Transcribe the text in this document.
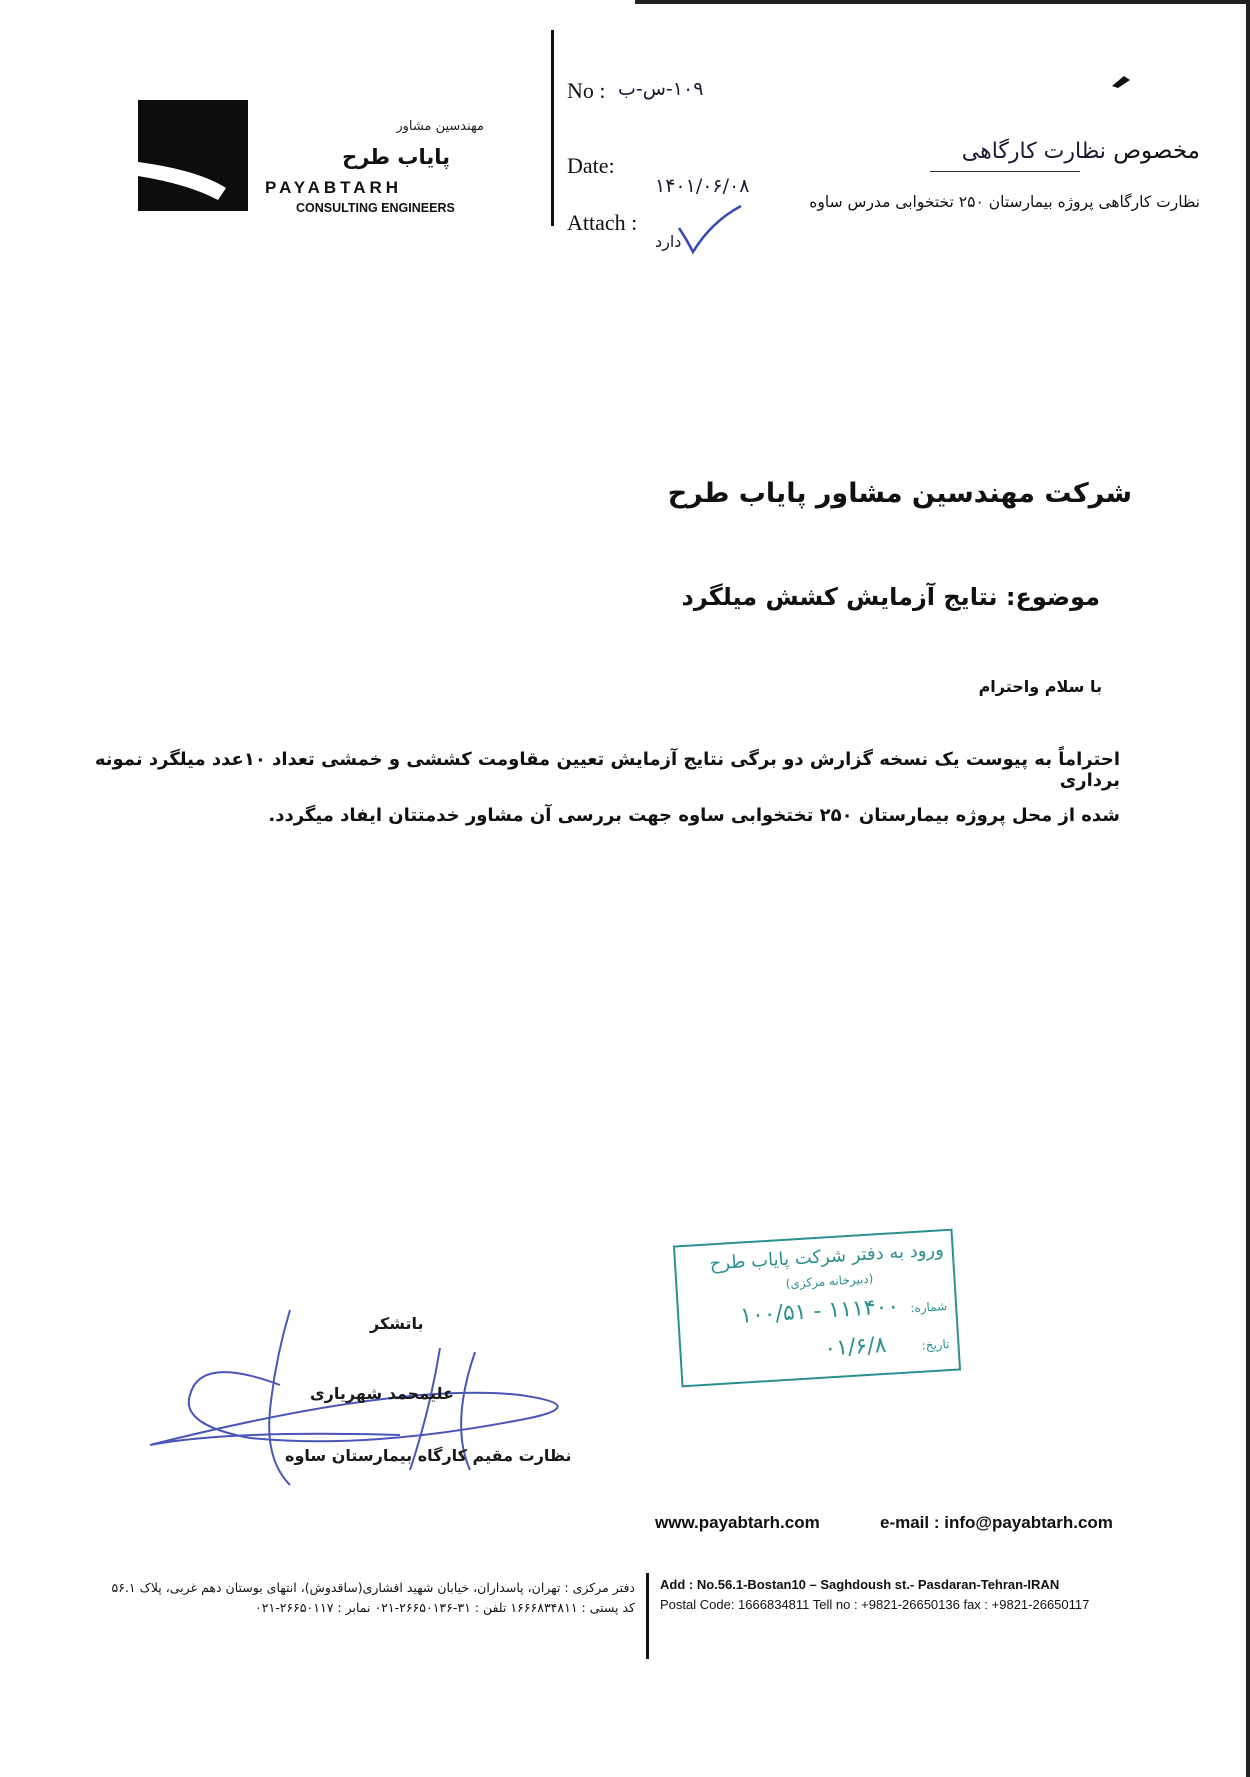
مهندسین مشاور
پایاب طرح
PAYABTARH
CONSULTING ENGINEERS
No : ۱۰۹-س-ب
Date:
۱۴۰۱/۰۶/۰۸
Attach :
دارد
مخصوص نظارت کارگاهی
نظارت کارگاهی پروژه بیمارستان ۲۵۰ تختخوابی مدرس ساوه
شرکت مهندسین مشاور پایاب طرح
موضوع: نتایج آزمایش کشش میلگرد
با سلام واحترام
احتراماً به پیوست یک نسخه گزارش دو برگی نتایج آزمایش تعیین مقاومت کششی و خمشی تعداد ۱۰عدد میلگرد نمونه برداری
شده از محل پروژه بیمارستان ۲۵۰ تختخوابی ساوه جهت بررسی آن مشاور خدمتتان ایفاد میگردد.
ورود به دفتر شرکت پایاب طرح
(دبیرخانه مرکزی)
شماره: ۱۱۱۴۰۰ - ۱۰۰/۵۱
تاریخ: ۰۱/۶/۸
باتشکر
علیمحمد شهریاری
نظارت مقیم کارگاه بیمارستان ساوه
www.payabtarh.com	e-mail : info@payabtarh.com
دفتر مرکزی : تهران، پاسداران، خیابان شهید افشاری(ساقدوش)، انتهای بوستان دهم غربی، پلاک ۵۶.۱
کد پستی : ۱۶۶۶۸۳۴۸۱۱ تلفن : ۳۱-۲۶۶۵۰۱۳۶-۰۲۱ نمابر : ۲۶۶۵۰۱۱۷-۰۲۱
Add : No.56.1-Bostan10 – Saghdoush st.- Pasdaran-Tehran-IRAN
Postal Code: 1666834811 Tell no : +9821-26650136 fax : +9821-26650117
